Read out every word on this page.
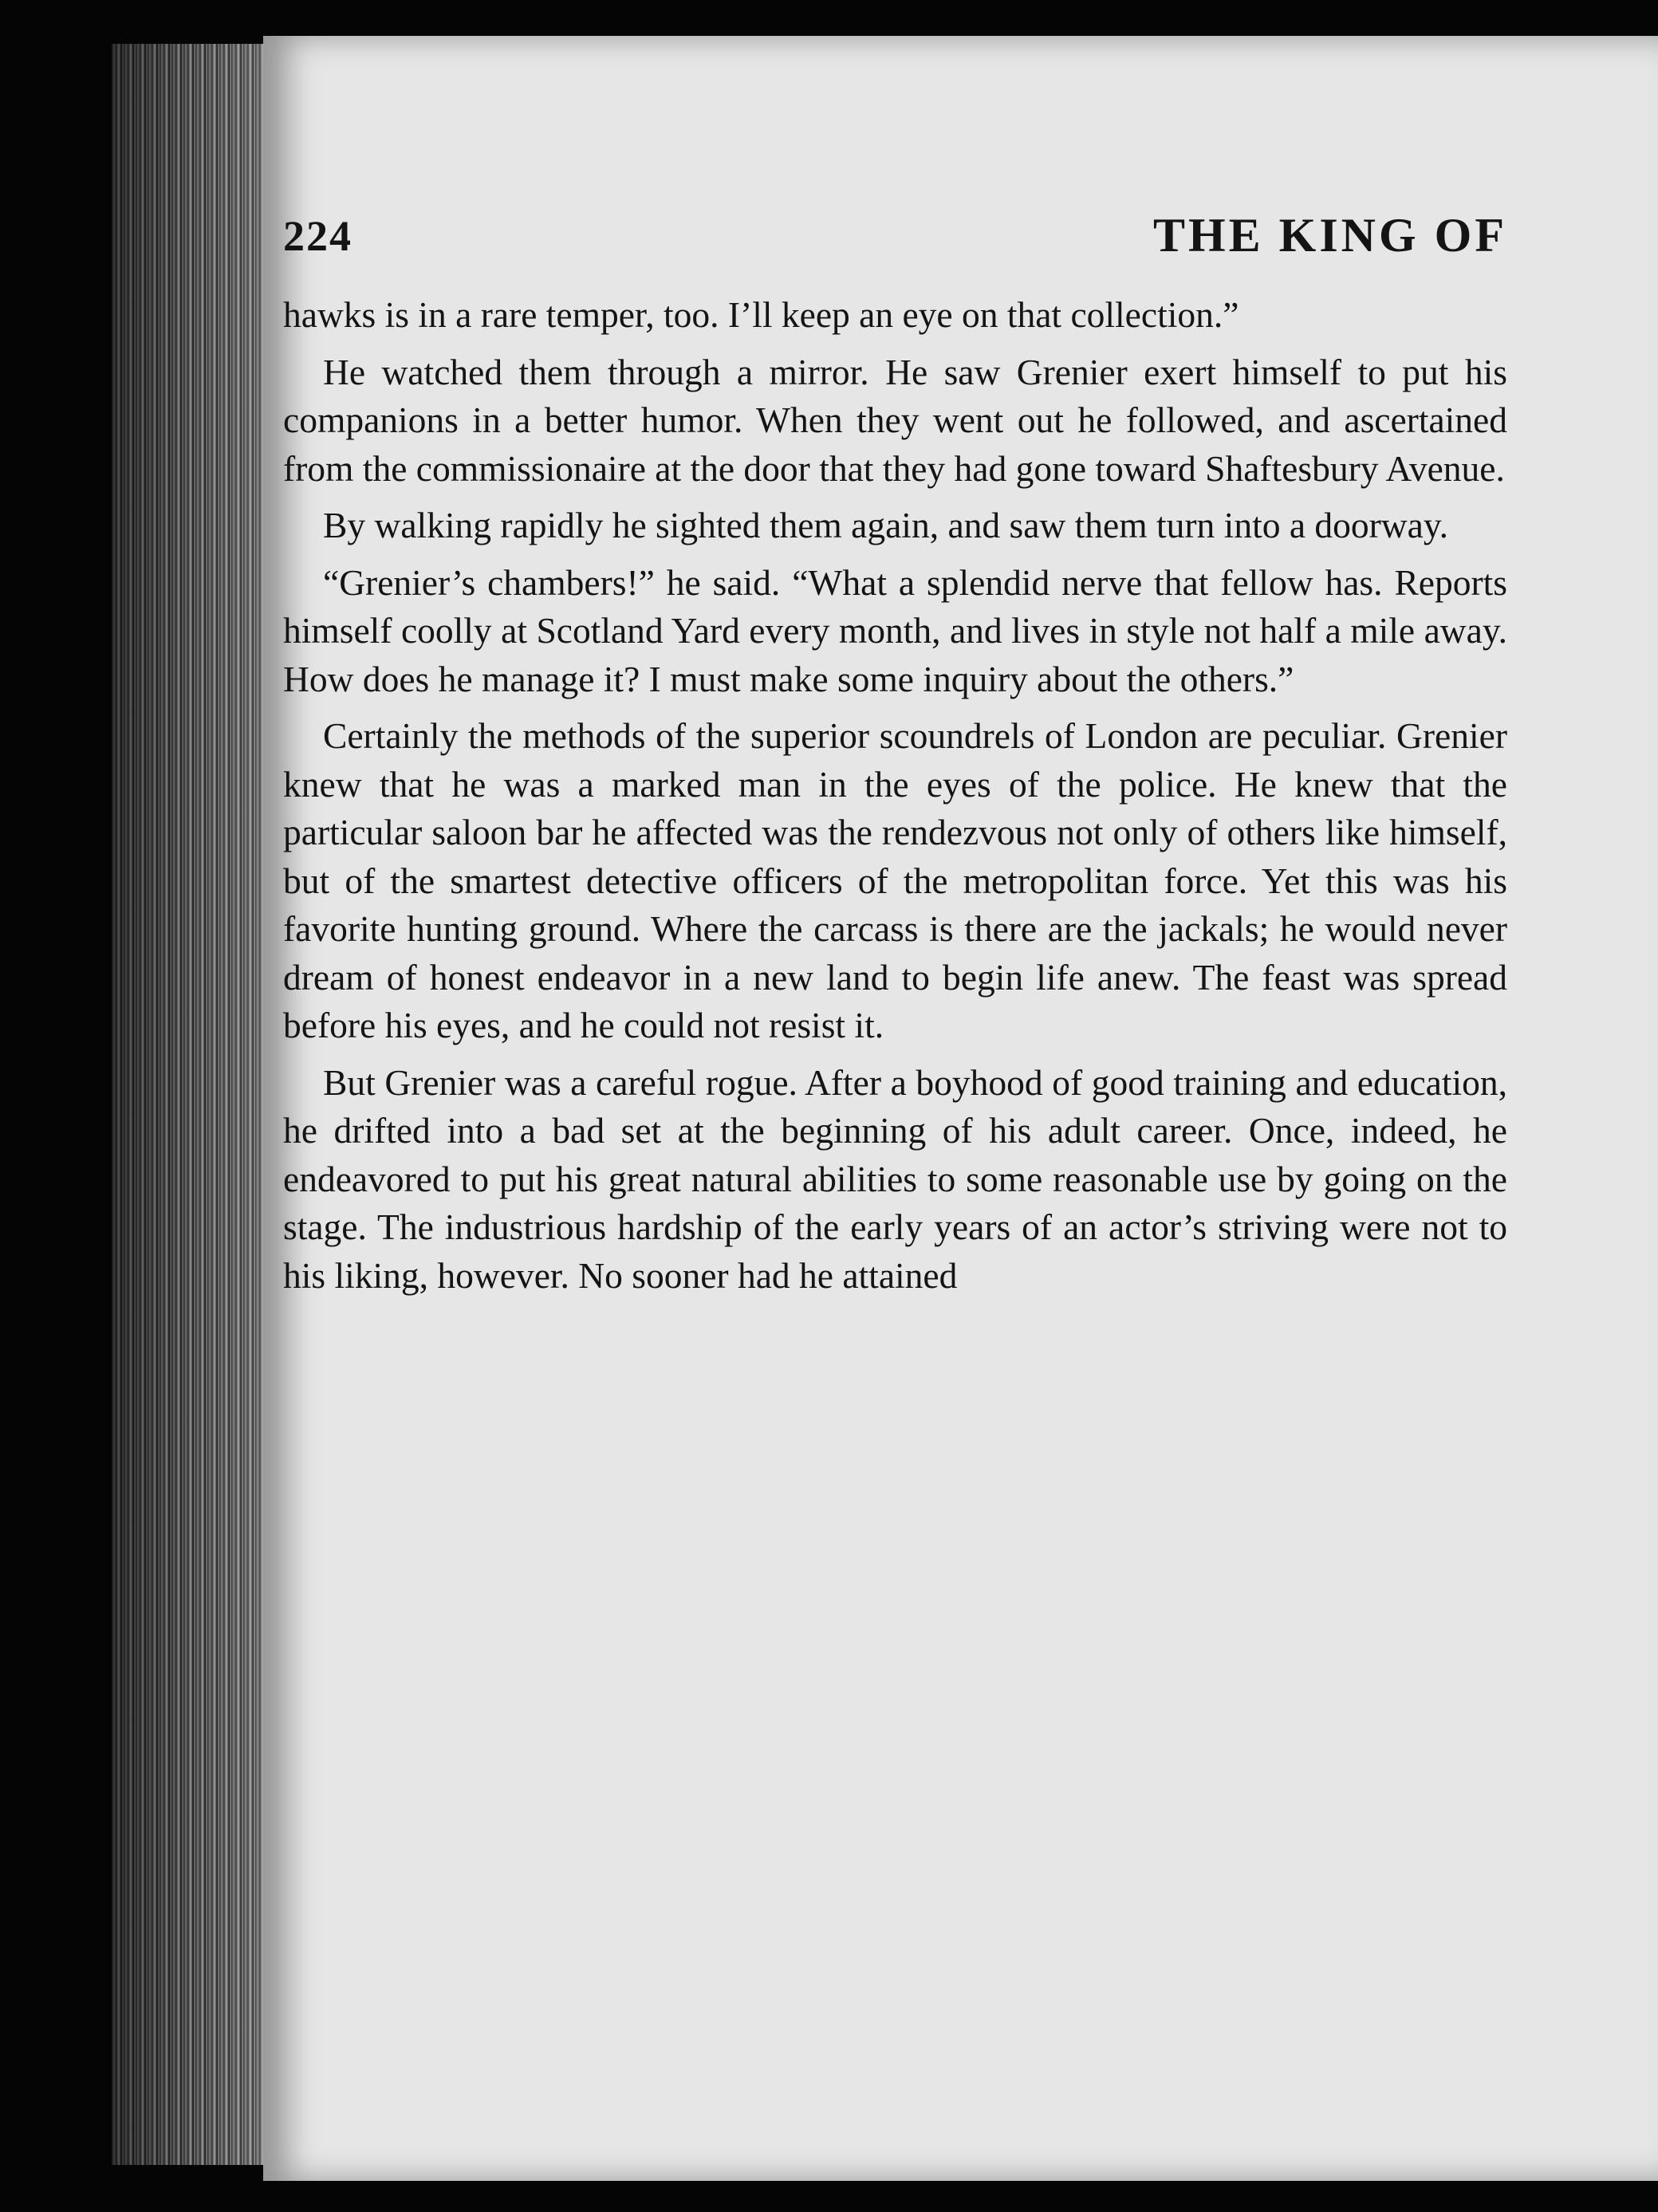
224	THE KING OF

hawks is in a rare temper, too. I’ll keep an eye on that collection.”

He watched them through a mirror. He saw Grenier exert himself to put his companions in a better humor. When they went out he followed, and ascertained from the commissionaire at the door that they had gone toward Shaftesbury Avenue.

By walking rapidly he sighted them again, and saw them turn into a doorway.

“Grenier’s chambers!” he said. “What a splendid nerve that fellow has. Reports himself coolly at Scotland Yard every month, and lives in style not half a mile away. How does he manage it? I must make some inquiry about the others.”

Certainly the methods of the superior scoundrels of London are peculiar. Grenier knew that he was a marked man in the eyes of the police. He knew that the particular saloon bar he affected was the rendezvous not only of others like himself, but of the smartest detective officers of the metropolitan force. Yet this was his favorite hunting ground. Where the carcass is there are the jackals; he would never dream of honest endeavor in a new land to begin life anew. The feast was spread before his eyes, and he could not resist it.

But Grenier was a careful rogue. After a boyhood of good training and education, he drifted into a bad set at the beginning of his adult career. Once, indeed, he endeavored to put his great natural abilities to some reasonable use by going on the stage. The industrious hardship of the early years of an actor’s striving were not to his liking, however. No sooner had he attained
